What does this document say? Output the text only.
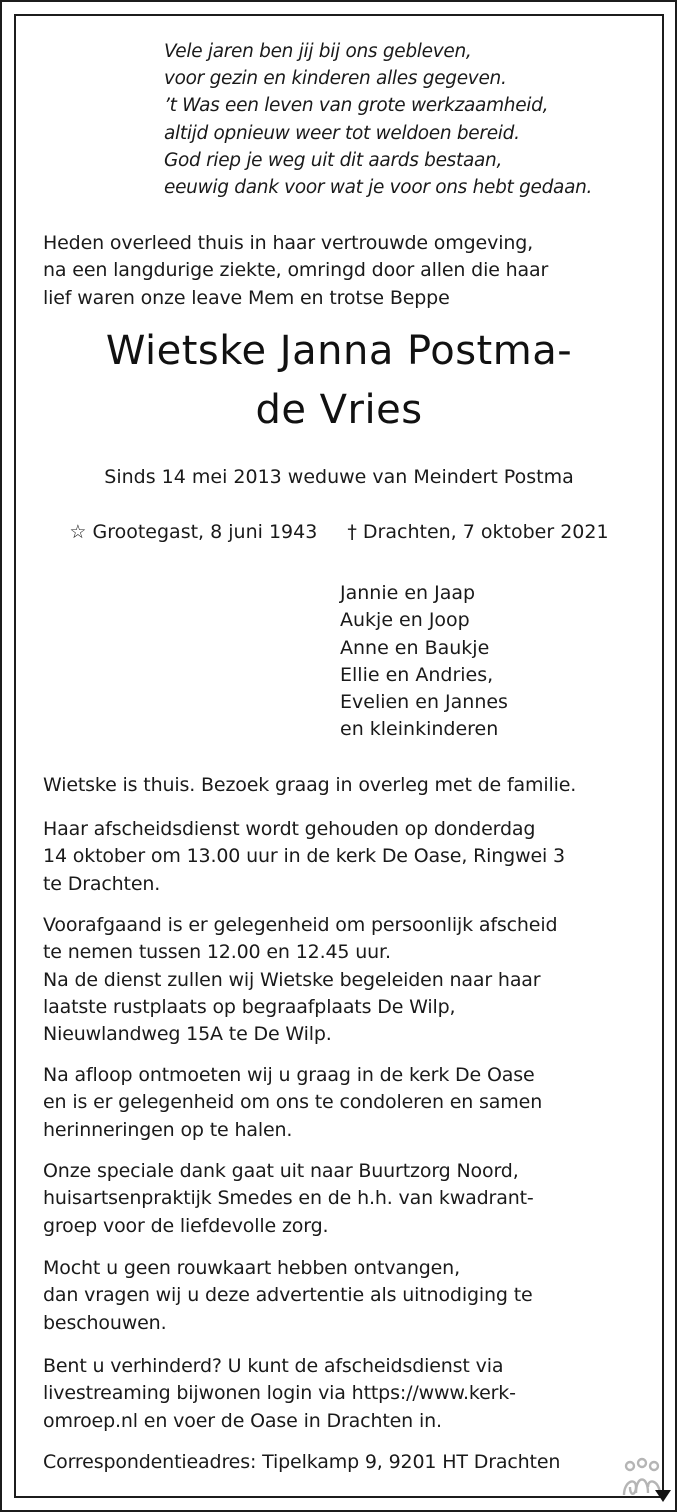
Vele jaren ben jij bij ons gebleven,
voor gezin en kinderen alles gegeven.
’t Was een leven van grote werkzaamheid,
altijd opnieuw weer tot weldoen bereid.
God riep je weg uit dit aards bestaan,
eeuwig dank voor wat je voor ons hebt gedaan.
Heden overleed thuis in haar vertrouwde omgeving,
na een langdurige ziekte, omringd door allen die haar
lief waren onze leave Mem en trotse Beppe
Wietske Janna Postma-
de Vries
Sinds 14 mei 2013 weduwe van Meindert Postma
☆ Grootegast, 8 juni 1943 † Drachten, 7 oktober 2021
Jannie en Jaap
Aukje en Joop
Anne en Baukje
Ellie en Andries,
Evelien en Jannes
en kleinkinderen
Wietske is thuis. Bezoek graag in overleg met de familie.
Haar afscheidsdienst wordt gehouden op donderdag
14 oktober om 13.00 uur in de kerk De Oase, Ringwei 3
te Drachten.
Voorafgaand is er gelegenheid om persoonlijk afscheid
te nemen tussen 12.00 en 12.45 uur.
Na de dienst zullen wij Wietske begeleiden naar haar
laatste rustplaats op begraafplaats De Wilp,
Nieuwlandweg 15A te De Wilp.
Na afloop ontmoeten wij u graag in de kerk De Oase
en is er gelegenheid om ons te condoleren en samen
herinneringen op te halen.
Onze speciale dank gaat uit naar Buurtzorg Noord,
huisartsenpraktijk Smedes en de h.h. van kwadrant-
groep voor de liefdevolle zorg.
Mocht u geen rouwkaart hebben ontvangen,
dan vragen wij u deze advertentie als uitnodiging te
beschouwen.
Bent u verhinderd? U kunt de afscheidsdienst via
livestreaming bijwonen login via https://www.kerk-
omroep.nl en voer de Oase in Drachten in.
Correspondentieadres: Tipelkamp 9, 9201 HT Drachten
